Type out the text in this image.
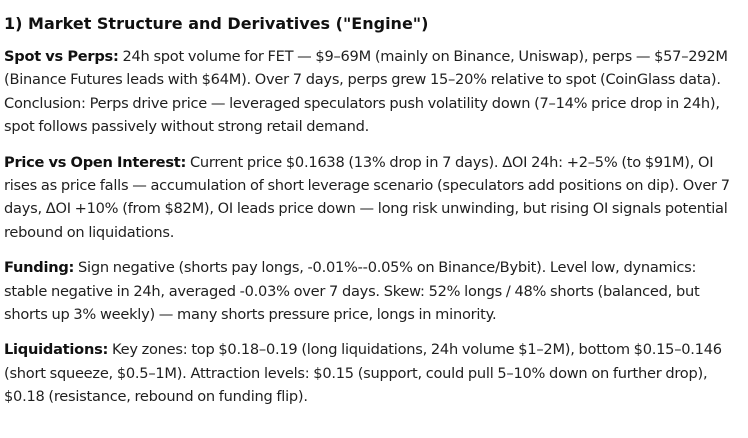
1) Market Structure and Derivatives ("Engine")

Spot vs Perps: 24h spot volume for FET — $9–69M (mainly on Binance, Uniswap), perps — $57–292M (Binance Futures leads with $64M). Over 7 days, perps grew 15–20% relative to spot (CoinGlass data). Conclusion: Perps drive price — leveraged speculators push volatility down (7–14% price drop in 24h), spot follows passively without strong retail demand.

Price vs Open Interest: Current price $0.1638 (13% drop in 7 days). ΔOI 24h: +2–5% (to $91M), OI rises as price falls — accumulation of short leverage scenario (speculators add positions on dip). Over 7 days, ΔOI +10% (from $82M), OI leads price down — long risk unwinding, but rising OI signals potential rebound on liquidations.

Funding: Sign negative (shorts pay longs, -0.01%--0.05% on Binance/Bybit). Level low, dynamics: stable negative in 24h, averaged -0.03% over 7 days. Skew: 52% longs / 48% shorts (balanced, but shorts up 3% weekly) — many shorts pressure price, longs in minority.

Liquidations: Key zones: top $0.18–0.19 (long liquidations, 24h volume $1–2M), bottom $0.15–0.146 (short squeeze, $0.5–1M). Attraction levels: $0.15 (support, could pull 5–10% down on further drop), $0.18 (resistance, rebound on funding flip).
